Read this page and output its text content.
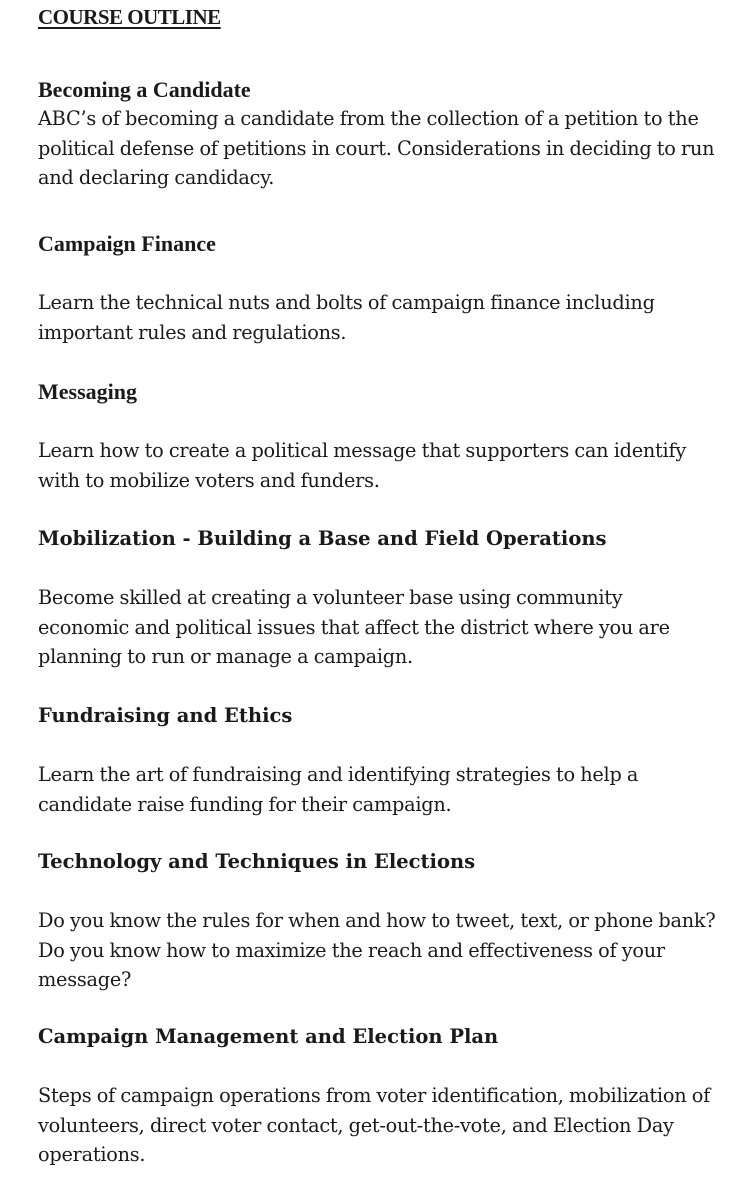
COURSE OUTLINE
Becoming a Candidate

ABC’s of becoming a candidate from the collection of a petition to the political defense of petitions in court. Considerations in deciding to run and declaring candidacy.

Campaign Finance

Learn the technical nuts and bolts of campaign finance including important rules and regulations.

Messaging

Learn how to create a political message that supporters can identify with to mobilize voters and funders.

Mobilization - Building a Base and Field Operations

Become skilled at creating a volunteer base using community economic and political issues that affect the district where you are planning to run or manage a campaign.

Fundraising and Ethics

Learn the art of fundraising and identifying strategies to help a candidate raise funding for their campaign.

Technology and Techniques in Elections

Do you know the rules for when and how to tweet, text, or phone bank? Do you know how to maximize the reach and effectiveness of your message?

Campaign Management and Election Plan

Steps of campaign operations from voter identification, mobilization of volunteers, direct voter contact, get-out-the-vote, and Election Day operations.
